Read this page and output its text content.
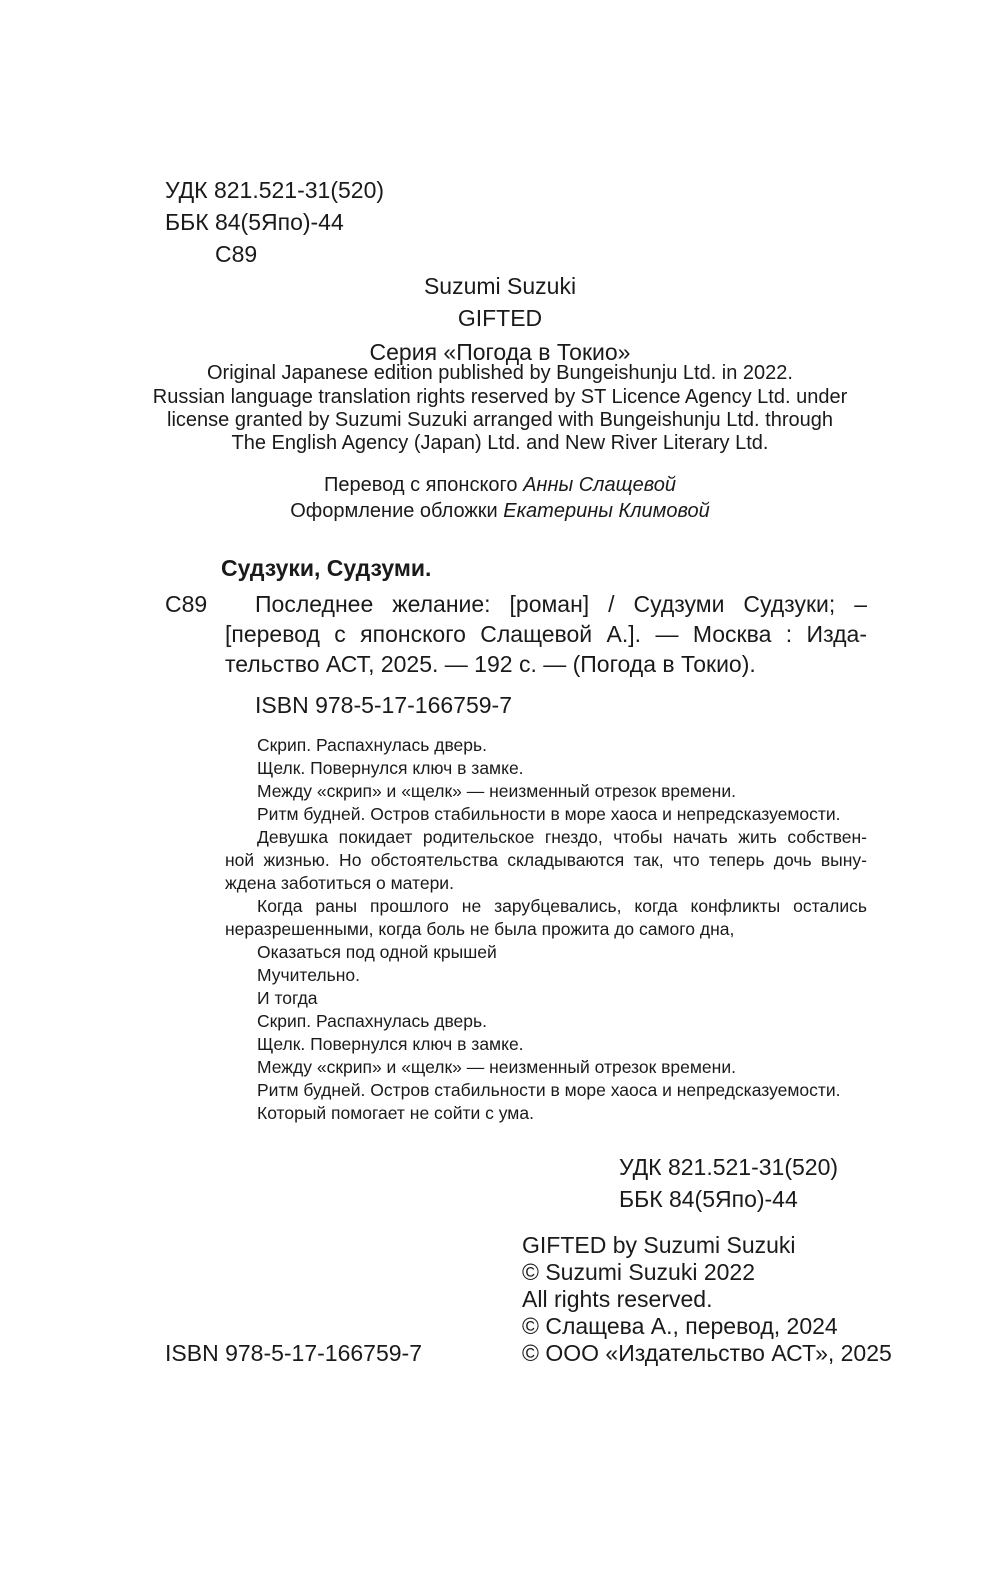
УДК 821.521-31(520)
ББК 84(5Япо)-44
С89
Suzumi Suzuki
GIFTED
Серия «Погода в Токио»
Original Japanese edition published by Bungeishunju Ltd. in 2022.
Russian language translation rights reserved by ST Licence Agency Ltd. under
license granted by Suzumi Suzuki arranged with Bungeishunju Ltd. through
The English Agency (Japan) Ltd. and New River Literary Ltd.
Перевод с японского Анны Слащевой
Оформление обложки Екатерины Климовой
Судзуки, Судзуми.
С89 Последнее желание: [роман] / Судзуми Судзуки; –
[перевод с японского Слащевой А.]. — Москва : Изда-
тельство АСТ, 2025. — 192 с. — (Погода в Токио).
ISBN 978-5-17-166759-7

Скрип. Распахнулась дверь.

Щелк. Повернулся ключ в замке.

Между «скрип» и «щелк» — неизменный отрезок времени.

Ритм будней. Остров стабильности в море хаоса и непредсказуемости.

Девушка покидает родительское гнездо, чтобы начать жить собствен-

ной жизнью. Но обстоятельства складываются так, что теперь дочь выну-

ждена заботиться о матери.

Когда раны прошлого не зарубцевались, когда конфликты остались

неразрешенными, когда боль не была прожита до самого дна,

Оказаться под одной крышей

Мучительно.

И тогда

Скрип. Распахнулась дверь.

Щелк. Повернулся ключ в замке.

Между «скрип» и «щелк» — неизменный отрезок времени.

Ритм будней. Остров стабильности в море хаоса и непредсказуемости.

Который помогает не сойти с ума.

УДК 821.521-31(520)
ББК 84(5Япо)-44
GIFTED by Suzumi Suzuki
© Suzumi Suzuki 2022
All rights reserved.
© Слащева А., перевод, 2024
© ООО «Издательство АСТ», 2025
ISBN 978-5-17-166759-7
